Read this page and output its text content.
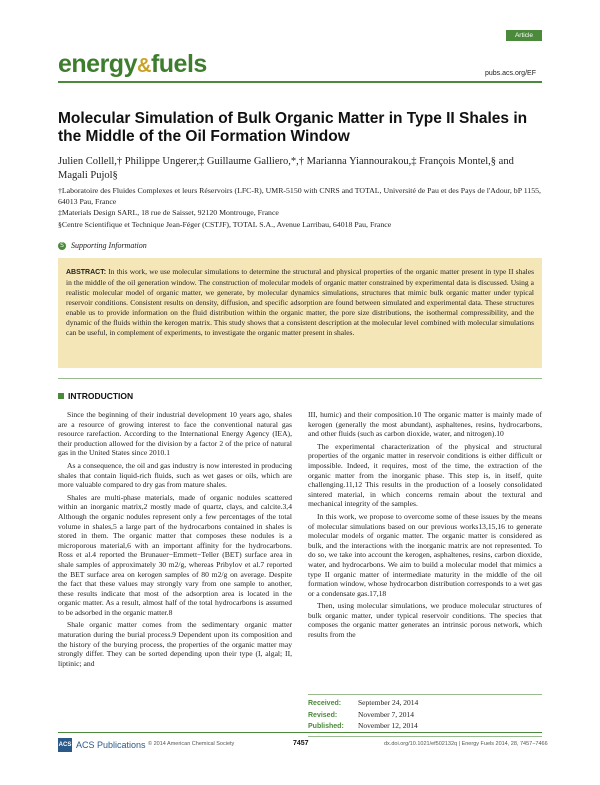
energy&fuels
Article
pubs.acs.org/EF
Molecular Simulation of Bulk Organic Matter in Type II Shales in the Middle of the Oil Formation Window
Julien Collell,† Philippe Ungerer,‡ Guillaume Galliero,*,† Marianna Yiannourakou,‡ François Montel,§ and Magali Pujol§

†Laboratoire des Fluides Complexes et leurs Réservoirs (LFC-R), UMR-5150 with CNRS and TOTAL, Université de Pau et des Pays de l'Adour, bP 1155, 64013 Pau, France

‡Materials Design SARL, 18 rue de Saisset, 92120 Montrouge, France

§Centre Scientifique et Technique Jean-Féger (CSTJF), TOTAL S.A., Avenue Larribau, 64018 Pau, France

S Supporting Information
ABSTRACT: In this work, we use molecular simulations to determine the structural and physical properties of the organic matter present in type II shales in the middle of the oil generation window. The construction of molecular models of organic matter constrained by experimental data is discussed. Using a realistic molecular model of organic matter, we generate, by molecular dynamics simulations, structures that mimic bulk organic matter under typical reservoir conditions. Consistent results on density, diffusion, and specific adsorption are found between simulated and experimental data. These structures enable us to provide information on the fluid distribution within the organic matter, the pore size distributions, the isothermal compressibility, and the dynamic of the fluids within the kerogen matrix. This study shows that a consistent description at the molecular level combined with molecular simulations can be useful, in complement of experiments, to investigate the organic matter present in shales.
INTRODUCTION

Since the beginning of their industrial development 10 years ago, shales are a resource of growing interest to face the conventional natural gas resource rarefaction. According to the International Energy Agency (IEA), their production allowed for the division by a factor 2 of the price of natural gas in the United States since 2010.1

As a consequence, the oil and gas industry is now interested in producing shales that contain liquid-rich fluids, such as wet gases or oils, which are more valuable compared to dry gas from mature shales.

Shales are multi-phase materials, made of organic nodules scattered within an inorganic matrix,2 mostly made of quartz, clays, and calcite.3,4 Although the organic nodules represent only a few percentages of the total volume in shales,5 a large part of the hydrocarbons contained in shales is stored in them. The organic matter that composes these nodules is a microporous material,6 with an important affinity for the hydrocarbons. Ross et al.4 reported the Brunauer−Emmett−Teller (BET) surface area in shale samples of approximately 30 m2/g, whereas Pribylov et al.7 reported the BET surface area on kerogen samples of 80 m2/g on average. Despite the fact that these values may strongly vary from one sample to another, these results indicate that most of the adsorption area is located in the organic matter. As a result, almost half of the total hydrocarbons is assumed to be adsorbed in the organic matter.8

Shale organic matter comes from the sedimentary organic matter maturation during the burial process.9 Dependent upon its composition and the history of the burying process, the properties of the organic matter may strongly differ. They can be sorted depending upon their type (I, algal; II, liptinic; and

III, humic) and their composition.10 The organic matter is mainly made of kerogen (generally the most abundant), asphaltenes, resins, hydrocarbons, and other fluids (such as carbon dioxide, water, and nitrogen).10

The experimental characterization of the physical and structural properties of the organic matter in reservoir conditions is either difficult or impossible. Indeed, it requires, most of the time, the extraction of the organic matter from the inorganic phase. This step is, in itself, quite challenging.11,12 This results in the production of a loosely consolidated sintered material, in which concerns remain about the textural and mechanical integrity of the samples.

In this work, we propose to overcome some of these issues by the means of molecular simulations based on our previous works13,15,16 to generate molecular models of organic matter. The organic matter is considered as bulk, and the interactions with the inorganic matrix are not represented. To do so, we take into account the kerogen, asphaltenes, resins, carbon dioxide, water, and hydrocarbons. We aim to build a molecular model that mimics a type II organic matter of intermediate maturity in the middle of the oil formation window, whose hydrocarbon distribution corresponds to a wet gas or a condensate gas.17,18

Then, using molecular simulations, we produce molecular structures of bulk organic matter, under typical reservoir conditions. The species that composes the organic matter generates an intrinsic porous network, which results from the

Received: September 24, 2014
Revised:	November 7, 2014
Published: November 12, 2014
ACS ACS Publications © 2014 American Chemical Society	7457	dx.doi.org/10.1021/ef502132q | Energy Fuels 2014, 28, 7457−7466
